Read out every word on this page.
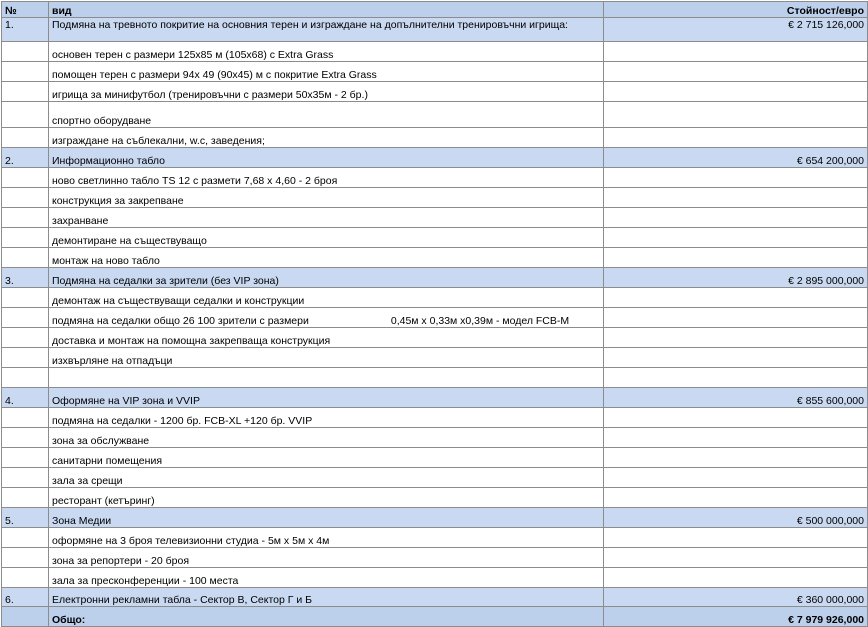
№	вид	Стойност/евро
1.	Подмяна на тревното покритие на основния терен и изграждане на допълнителни тренировъчни игрища:	€ 2 715 126,000
	основен терен с размери 125х85 м (105х68) с Extra Grass	
	помощен терен с размери 94х 49 (90х45) м с покритие Extra Grass	
	игрища за минифутбол (тренировъчни с размери 50х35м - 2 бр.)	
	спортно оборудване	
	изграждане на съблекални, w.c, заведения;	
2.	Информационно табло	€ 654 200,000
	ново светлинно табло TS 12 с размети 7,68 х 4,60 - 2 броя	
	конструкция за закрепване	
	захранване	
	демонтиране на съществуващо	
	монтаж на ново табло	
3.	Подмяна на седалки за зрители (без VIP зона)	€ 2 895 000,000
	демонтаж на съществуващи седалки и конструкции	
	подмяна на седалки общо 26 100 зрители с размери 0,45м х 0,33м х0,39м - модел FCB-M	
	доставка и монтаж на помощна закрепваща конструкция	
	изхвърляне на отпадъци	

4.	Оформяне на VIP зона и VVIP	€ 855 600,000
	подмяна на седалки - 1200 бр. FCB-XL +120 бр. VVIP	
	зона за обслужване	
	санитарни помещения	
	зала за срещи	
	ресторант (кетъринг)	
5.	Зона Медии	€ 500 000,000
	оформяне на 3 броя телевизионни студиа - 5м х 5м х 4м	
	зона за репортери - 20 броя	
	зала за пресконференции - 100 места	
6.	Електронни рекламни табла - Сектор В, Сектор Г и Б	€ 360 000,000
	Общо:	€ 7 979 926,000
